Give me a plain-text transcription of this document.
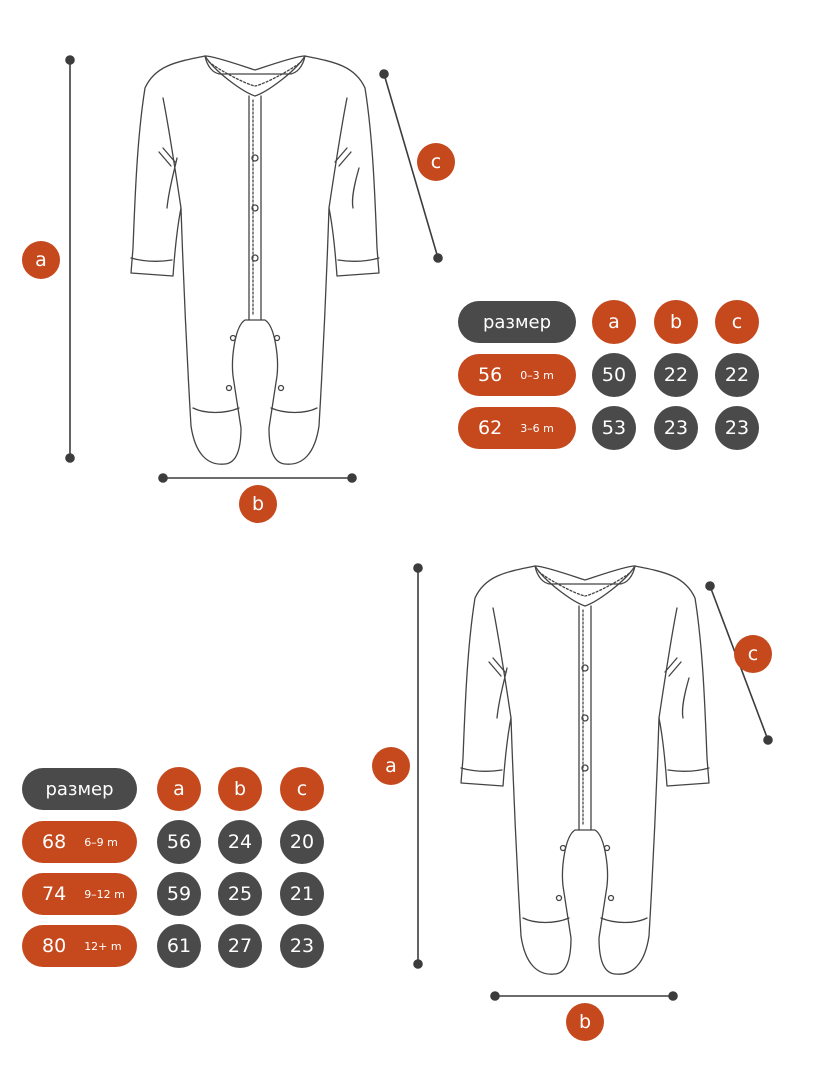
a
b
c
размер	a	b	c
56 0–3 m	50	22	22
62 3–6 m	53	23	23
a
b
c
размер	a	b	c
68 6–9 m	56	24	20
74 9–12 m	59	25	21
80 12+ m	61	27	23
